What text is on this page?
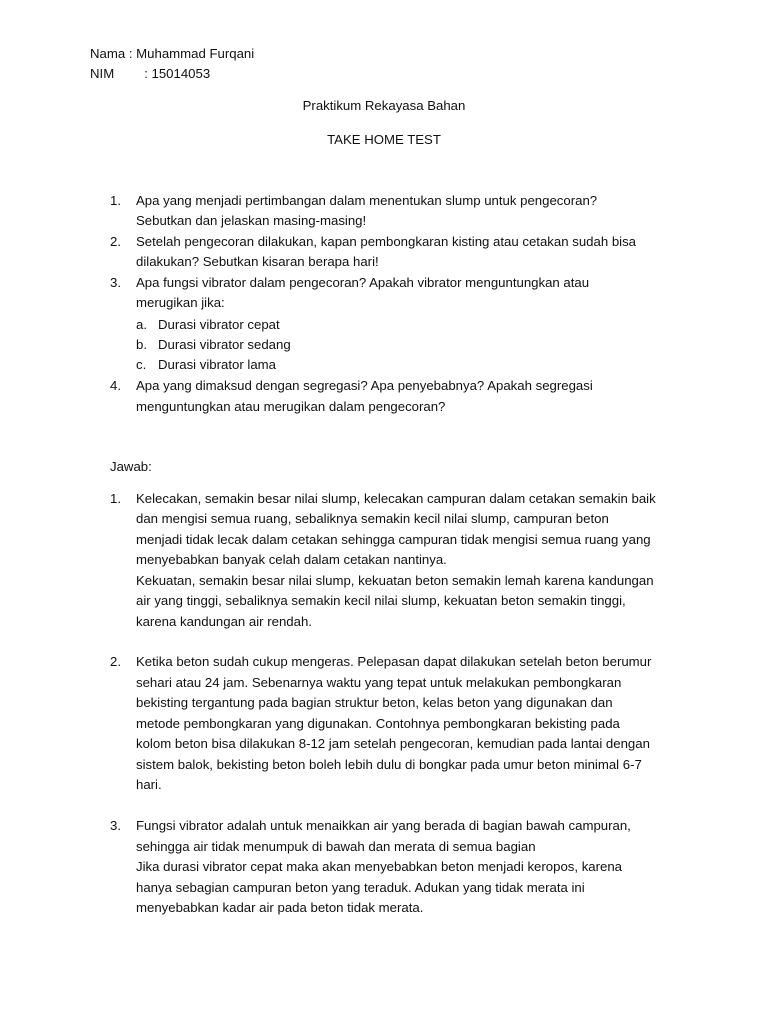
Nama : Muhammad Furqani
NIM : 15014053
Praktikum Rekayasa Bahan
TAKE HOME TEST
1. Apa yang menjadi pertimbangan dalam menentukan slump untuk pengecoran?
Sebutkan dan jelaskan masing-masing!
2. Setelah pengecoran dilakukan, kapan pembongkaran kisting atau cetakan sudah bisa
dilakukan? Sebutkan kisaran berapa hari!
3. Apa fungsi vibrator dalam pengecoran? Apakah vibrator menguntungkan atau
merugikan jika:
a. Durasi vibrator cepat
b. Durasi vibrator sedang
c. Durasi vibrator lama
4. Apa yang dimaksud dengan segregasi? Apa penyebabnya? Apakah segregasi
menguntungkan atau merugikan dalam pengecoran?
Jawab:
1. Kelecakan, semakin besar nilai slump, kelecakan campuran dalam cetakan semakin baik
dan mengisi semua ruang, sebaliknya semakin kecil nilai slump, campuran beton
menjadi tidak lecak dalam cetakan sehingga campuran tidak mengisi semua ruang yang
menyebabkan banyak celah dalam cetakan nantinya.
Kekuatan, semakin besar nilai slump, kekuatan beton semakin lemah karena kandungan
air yang tinggi, sebaliknya semakin kecil nilai slump, kekuatan beton semakin tinggi,
karena kandungan air rendah.
2. Ketika beton sudah cukup mengeras. Pelepasan dapat dilakukan setelah beton berumur
sehari atau 24 jam. Sebenarnya waktu yang tepat untuk melakukan pembongkaran
bekisting tergantung pada bagian struktur beton, kelas beton yang digunakan dan
metode pembongkaran yang digunakan. Contohnya pembongkaran bekisting pada
kolom beton bisa dilakukan 8-12 jam setelah pengecoran, kemudian pada lantai dengan
sistem balok, bekisting beton boleh lebih dulu di bongkar pada umur beton minimal 6-7
hari.
3. Fungsi vibrator adalah untuk menaikkan air yang berada di bagian bawah campuran,
sehingga air tidak menumpuk di bawah dan merata di semua bagian
Jika durasi vibrator cepat maka akan menyebabkan beton menjadi keropos, karena
hanya sebagian campuran beton yang teraduk. Adukan yang tidak merata ini
menyebabkan kadar air pada beton tidak merata.
